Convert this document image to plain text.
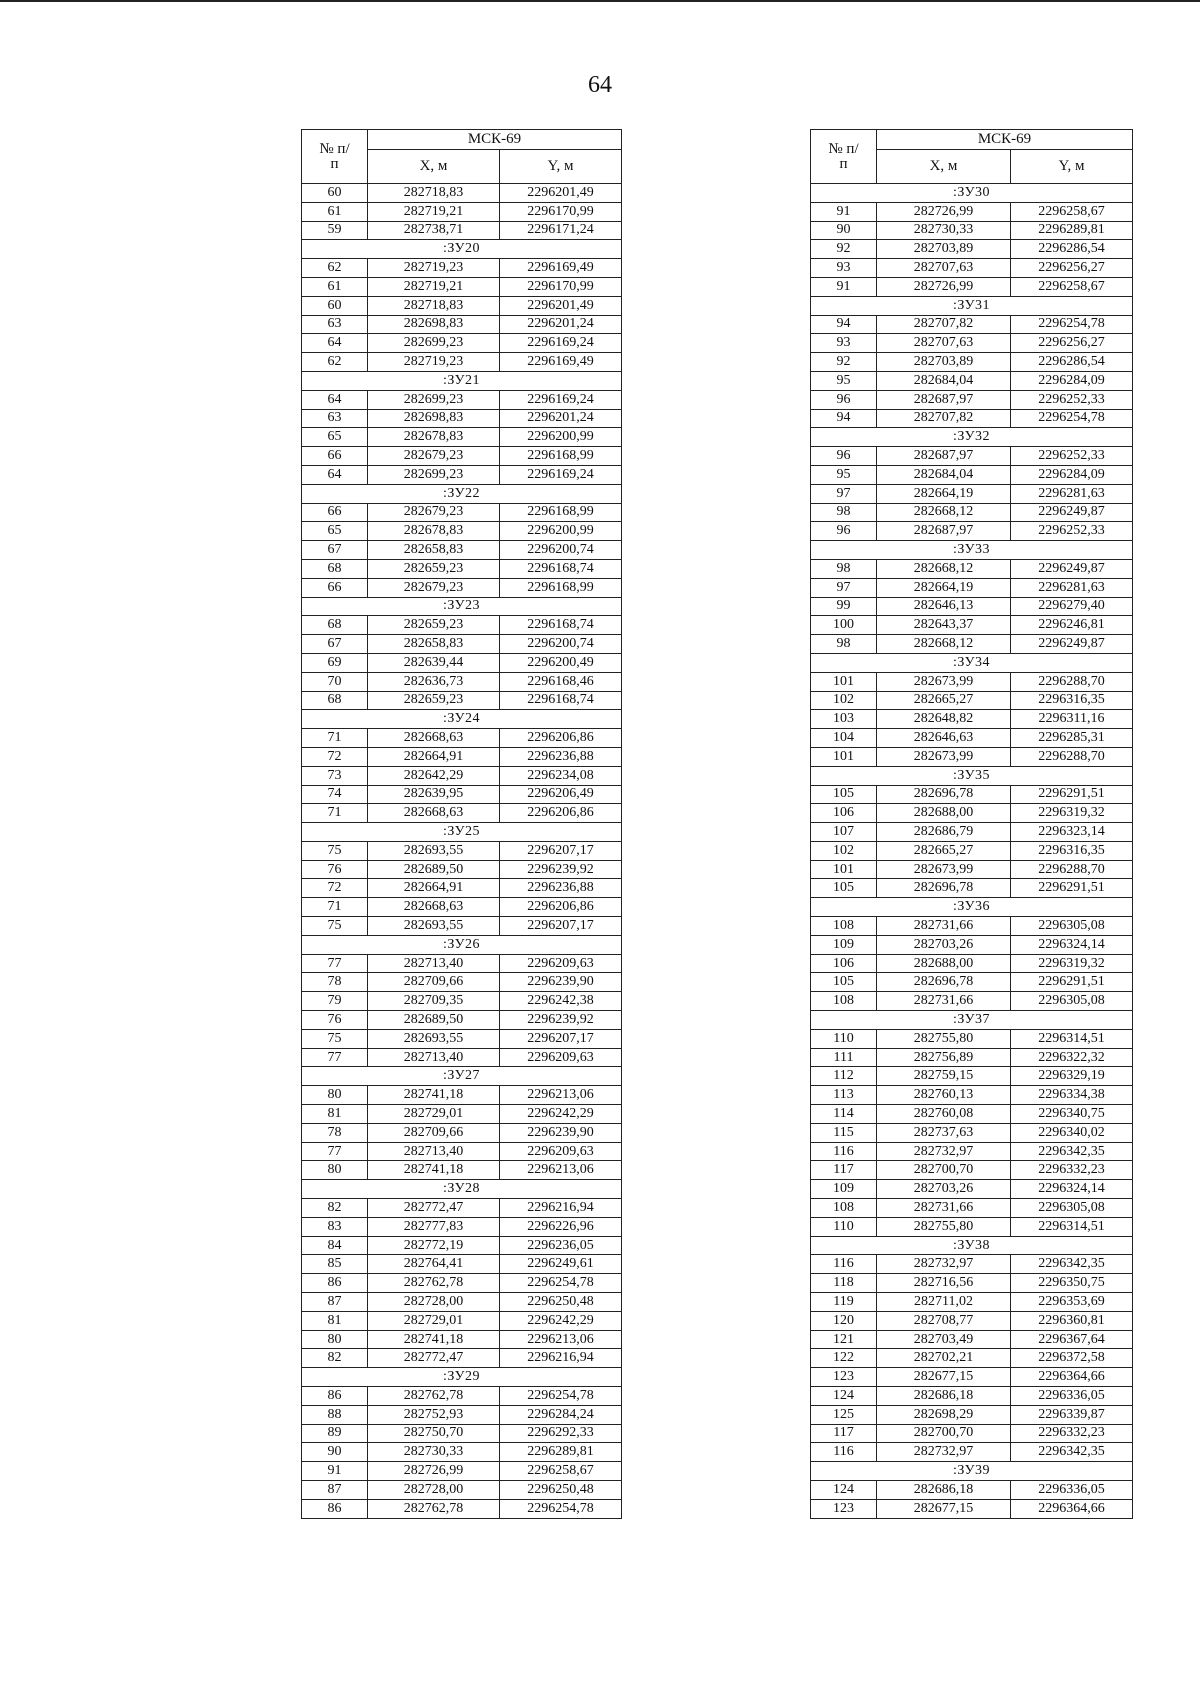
64
№ п/п	МСК-69	
	X, м	Y, м
60	282718,83	2296201,49
61	282719,21	2296170,99
59	282738,71	2296171,24
:ЗУ20		
62	282719,23	2296169,49
61	282719,21	2296170,99
60	282718,83	2296201,49
63	282698,83	2296201,24
64	282699,23	2296169,24
62	282719,23	2296169,49
:ЗУ21		
64	282699,23	2296169,24
63	282698,83	2296201,24
65	282678,83	2296200,99
66	282679,23	2296168,99
64	282699,23	2296169,24
:ЗУ22		
66	282679,23	2296168,99
65	282678,83	2296200,99
67	282658,83	2296200,74
68	282659,23	2296168,74
66	282679,23	2296168,99
:ЗУ23		
68	282659,23	2296168,74
67	282658,83	2296200,74
69	282639,44	2296200,49
70	282636,73	2296168,46
68	282659,23	2296168,74
:ЗУ24		
71	282668,63	2296206,86
72	282664,91	2296236,88
73	282642,29	2296234,08
74	282639,95	2296206,49
71	282668,63	2296206,86
:ЗУ25		
75	282693,55	2296207,17
76	282689,50	2296239,92
72	282664,91	2296236,88
71	282668,63	2296206,86
75	282693,55	2296207,17
:ЗУ26		
77	282713,40	2296209,63
78	282709,66	2296239,90
79	282709,35	2296242,38
76	282689,50	2296239,92
75	282693,55	2296207,17
77	282713,40	2296209,63
:ЗУ27		
80	282741,18	2296213,06
81	282729,01	2296242,29
78	282709,66	2296239,90
77	282713,40	2296209,63
80	282741,18	2296213,06
:ЗУ28		
82	282772,47	2296216,94
83	282777,83	2296226,96
84	282772,19	2296236,05
85	282764,41	2296249,61
86	282762,78	2296254,78
87	282728,00	2296250,48
81	282729,01	2296242,29
80	282741,18	2296213,06
82	282772,47	2296216,94
:ЗУ29		
86	282762,78	2296254,78
88	282752,93	2296284,24
89	282750,70	2296292,33
90	282730,33	2296289,81
91	282726,99	2296258,67
87	282728,00	2296250,48
86	282762,78	2296254,78
№ п/п	МСК-69	
	X, м	Y, м
:ЗУ30		
91	282726,99	2296258,67
90	282730,33	2296289,81
92	282703,89	2296286,54
93	282707,63	2296256,27
91	282726,99	2296258,67
:ЗУ31		
94	282707,82	2296254,78
93	282707,63	2296256,27
92	282703,89	2296286,54
95	282684,04	2296284,09
96	282687,97	2296252,33
94	282707,82	2296254,78
:ЗУ32		
96	282687,97	2296252,33
95	282684,04	2296284,09
97	282664,19	2296281,63
98	282668,12	2296249,87
96	282687,97	2296252,33
:ЗУ33		
98	282668,12	2296249,87
97	282664,19	2296281,63
99	282646,13	2296279,40
100	282643,37	2296246,81
98	282668,12	2296249,87
:ЗУ34		
101	282673,99	2296288,70
102	282665,27	2296316,35
103	282648,82	2296311,16
104	282646,63	2296285,31
101	282673,99	2296288,70
:ЗУ35		
105	282696,78	2296291,51
106	282688,00	2296319,32
107	282686,79	2296323,14
102	282665,27	2296316,35
101	282673,99	2296288,70
105	282696,78	2296291,51
:ЗУ36		
108	282731,66	2296305,08
109	282703,26	2296324,14
106	282688,00	2296319,32
105	282696,78	2296291,51
108	282731,66	2296305,08
:ЗУ37		
110	282755,80	2296314,51
111	282756,89	2296322,32
112	282759,15	2296329,19
113	282760,13	2296334,38
114	282760,08	2296340,75
115	282737,63	2296340,02
116	282732,97	2296342,35
117	282700,70	2296332,23
109	282703,26	2296324,14
108	282731,66	2296305,08
110	282755,80	2296314,51
:ЗУ38		
116	282732,97	2296342,35
118	282716,56	2296350,75
119	282711,02	2296353,69
120	282708,77	2296360,81
121	282703,49	2296367,64
122	282702,21	2296372,58
123	282677,15	2296364,66
124	282686,18	2296336,05
125	282698,29	2296339,87
117	282700,70	2296332,23
116	282732,97	2296342,35
:ЗУ39		
124	282686,18	2296336,05
123	282677,15	2296364,66
